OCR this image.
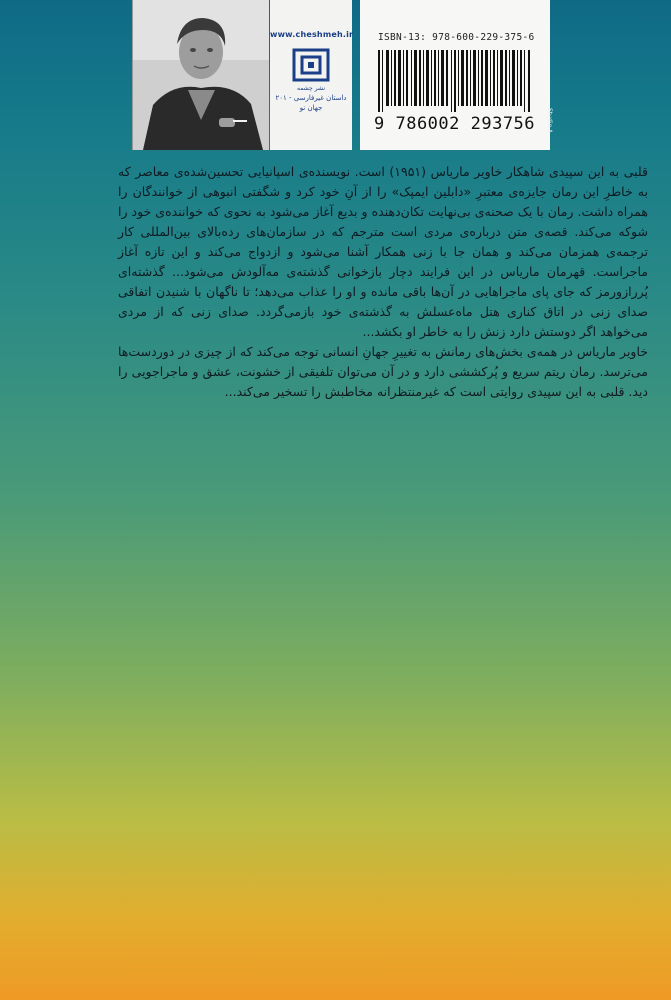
www.cheshmeh.ir
نشر چشمه
داستان غیرفارسی - ۲۰۱
جهان نو
ISBN-13: 978-600-229-375-6
9 786002 293756 Studio A

قلبی به این سپیدی شاهکار خاویر ماریاس (۱۹۵۱) است. نویسنده‌ی اسپانیایی تحسین‌شده‌ی معاصر که به خاطرِ این رمان جایزه‌ی معتبرِ «دابلین ایمپک» را از آنِ خود کرد و شگفتی انبوهی از خوانندگان را همراه داشت. رمان با یک صحنه‌ی بی‌نهایت تکان‌دهنده و بدیع آغاز می‌شود به نحوی که خواننده‌ی خود را شوکه می‌کند. قصه‌ی متن درباره‌ی مردی است مترجم که در سازمان‌های رده‌بالای بین‌المللی کار ترجمه‌ی همزمان می‌کند و همان جا با زنی همکار آشنا می‌شود و ازدواج می‌کند و این تازه آغاز ماجراست. قهرمان ماریاس در این فرایند دچار بازخوانی گذشته‌ی مه‌آلودش می‌شود... گذشته‌ای پُررازورمز که جای پای ماجراهایی در آن‌ها باقی مانده و او را عذاب می‌دهد؛ تا ناگهان با شنیدن اتفاقی صدای زنی در اتاق کناری هتل ماه‌عسلش به گذشته‌ی خود بازمی‌گردد. صدای زنی که از مردی می‌خواهد اگر دوستش دارد زنش را به خاطر او بکشد...

خاویر ماریاس در همه‌ی بخش‌های رمانش به تغییرِ جهانِ انسانی توجه می‌کند که از چیزی در دوردست‌ها می‌ترسد. رمان ریتم سریع و پُرکششی دارد و در آن می‌توان تلفیقی از خشونت، عشق و ماجراجویی را دید. قلبی به این سپیدی روایتی است که غیرمنتظرانه مخاطبش را تسخیر می‌کند...
